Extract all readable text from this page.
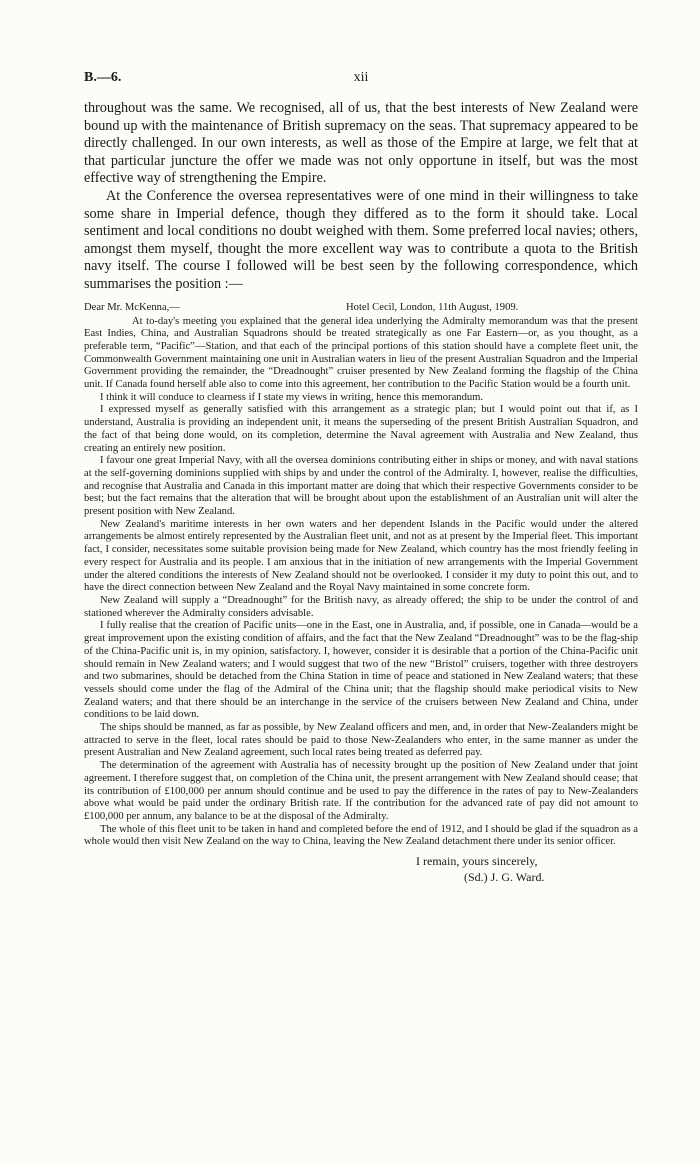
B.—6.	xii

throughout was the same. We recognised, all of us, that the best interests of New Zealand were bound up with the maintenance of British supremacy on the seas. That supremacy appeared to be directly challenged. In our own interests, as well as those of the Empire at large, we felt that at that particular juncture the offer we made was not only opportune in itself, but was the most effective way of strengthening the Empire.

At the Conference the oversea representatives were of one mind in their willingness to take some share in Imperial defence, though they differed as to the form it should take. Local sentiment and local conditions no doubt weighed with them. Some preferred local navies; others, amongst them myself, thought the more excellent way was to contribute a quota to the British navy itself. The course I followed will be best seen by the following correspondence, which summarises the position :—

Dear Mr. McKenna,—	Hotel Cecil, London, 11th August, 1909.

At to-day's meeting you explained that the general idea underlying the Admiralty memorandum was that the present East Indies, China, and Australian Squadrons should be treated strategically as one Far Eastern—or, as you thought, as a preferable term, “Pacific”—Station, and that each of the principal portions of this station should have a complete fleet unit, the Commonwealth Government maintaining one unit in Australian waters in lieu of the present Australian Squadron and the Imperial Government providing the remainder, the “Dreadnought” cruiser presented by New Zealand forming the flagship of the China unit. If Canada found herself able also to come into this agreement, her contribution to the Pacific Station would be a fourth unit.

I think it will conduce to clearness if I state my views in writing, hence this memorandum.

I expressed myself as generally satisfied with this arrangement as a strategic plan; but I would point out that if, as I understand, Australia is providing an independent unit, it means the superseding of the present British Australian Squadron, and the fact of that being done would, on its completion, determine the Naval agreement with Australia and New Zealand, thus creating an entirely new position.

I favour one great Imperial Navy, with all the oversea dominions contributing either in ships or money, and with naval stations at the self-governing dominions supplied with ships by and under the control of the Admiralty. I, however, realise the difficulties, and recognise that Australia and Canada in this important matter are doing that which their respective Governments consider to be best; but the fact remains that the alteration that will be brought about upon the establishment of an Australian unit will alter the present position with New Zealand.

New Zealand's maritime interests in her own waters and her dependent Islands in the Pacific would under the altered arrangements be almost entirely represented by the Australian fleet unit, and not as at present by the Imperial fleet. This important fact, I consider, necessitates some suitable provision being made for New Zealand, which country has the most friendly feeling in every respect for Australia and its people. I am anxious that in the initiation of new arrangements with the Imperial Government under the altered conditions the interests of New Zealand should not be overlooked. I consider it my duty to point this out, and to have the direct connection between New Zealand and the Royal Navy maintained in some concrete form.

New Zealand will supply a “Dreadnought” for the British navy, as already offered; the ship to be under the control of and stationed wherever the Admiralty considers advisable.

I fully realise that the creation of Pacific units—one in the East, one in Australia, and, if possible, one in Canada—would be a great improvement upon the existing condition of affairs, and the fact that the New Zealand “Dreadnought” was to be the flag-ship of the China-Pacific unit is, in my opinion, satisfactory. I, however, consider it is desirable that a portion of the China-Pacific unit should remain in New Zealand waters; and I would suggest that two of the new “Bristol” cruisers, together with three destroyers and two submarines, should be detached from the China Station in time of peace and stationed in New Zealand waters; that these vessels should come under the flag of the Admiral of the China unit; that the flagship should make periodical visits to New Zealand waters; and that there should be an interchange in the service of the cruisers between New Zealand and China, under conditions to be laid down.

The ships should be manned, as far as possible, by New Zealand officers and men, and, in order that New-Zealanders might be attracted to serve in the fleet, local rates should be paid to those New-Zealanders who enter, in the same manner as under the present Australian and New Zealand agreement, such local rates being treated as deferred pay.

The determination of the agreement with Australia has of necessity brought up the position of New Zealand under that joint agreement. I therefore suggest that, on completion of the China unit, the present arrangement with New Zealand should cease; that its contribution of £100,000 per annum should continue and be used to pay the difference in the rates of pay to New-Zealanders above what would be paid under the ordinary British rate. If the contribution for the advanced rate of pay did not amount to £100,000 per annum, any balance to be at the disposal of the Admiralty.

The whole of this fleet unit to be taken in hand and completed before the end of 1912, and I should be glad if the squadron as a whole would then visit New Zealand on the way to China, leaving the New Zealand detachment there under its senior officer.

I remain, yours sincerely,
(Sd.) J. G. Ward.
